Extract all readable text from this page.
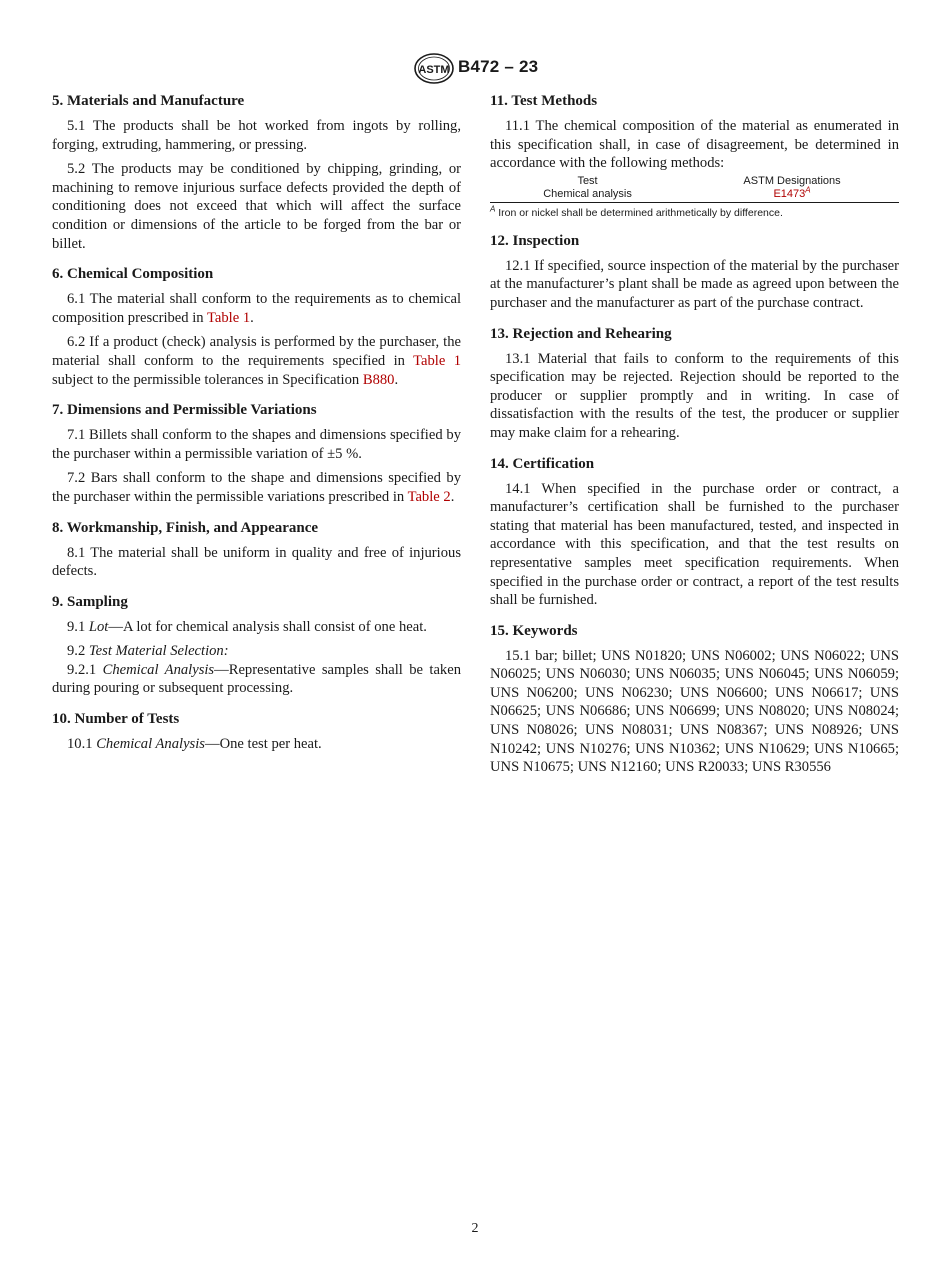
ASTM B472 – 23
5. Materials and Manufacture

5.1 The products shall be hot worked from ingots by rolling, forging, extruding, hammering, or pressing.

5.2 The products may be conditioned by chipping, grinding, or machining to remove injurious surface defects provided the depth of conditioning does not exceed that which will affect the surface condition or dimensions of the article to be forged from the bar or billet.

6. Chemical Composition

6.1 The material shall conform to the requirements as to chemical composition prescribed in Table 1.

6.2 If a product (check) analysis is performed by the purchaser, the material shall conform to the requirements specified in Table 1 subject to the permissible tolerances in Specification B880.

7. Dimensions and Permissible Variations

7.1 Billets shall conform to the shapes and dimensions specified by the purchaser within a permissible variation of ±5 %.

7.2 Bars shall conform to the shape and dimensions specified by the purchaser within the permissible variations prescribed in Table 2.

8. Workmanship, Finish, and Appearance

8.1 The material shall be uniform in quality and free of injurious defects.

9. Sampling

9.1 Lot—A lot for chemical analysis shall consist of one heat.

9.2 Test Material Selection:

9.2.1 Chemical Analysis—Representative samples shall be taken during pouring or subsequent processing.

10. Number of Tests

10.1 Chemical Analysis—One test per heat.

11. Test Methods

11.1 The chemical composition of the material as enumerated in this specification shall, in case of disagreement, be determined in accordance with the following methods:

Test	ASTM Designations
Chemical analysis	$E1473^A$
$^A$ Iron or nickel shall be determined arithmetically by difference.
12. Inspection

12.1 If specified, source inspection of the material by the purchaser at the manufacturer’s plant shall be made as agreed upon between the purchaser and the manufacturer as part of the purchase contract.

13. Rejection and Rehearing

13.1 Material that fails to conform to the requirements of this specification may be rejected. Rejection should be reported to the producer or supplier promptly and in writing. In case of dissatisfaction with the results of the test, the producer or supplier may make claim for a rehearing.

14. Certification

14.1 When specified in the purchase order or contract, a manufacturer’s certification shall be furnished to the purchaser stating that material has been manufactured, tested, and inspected in accordance with this specification, and that the test results on representative samples meet specification requirements. When specified in the purchase order or contract, a report of the test results shall be furnished.

15. Keywords

15.1 bar; billet; UNS N01820; UNS N06002; UNS N06022; UNS N06025; UNS N06030; UNS N06035; UNS N06045; UNS N06059; UNS N06200; UNS N06230; UNS N06600; UNS N06617; UNS N06625; UNS N06686; UNS N06699; UNS N08020; UNS N08024; UNS N08026; UNS N08031; UNS N08367; UNS N08926; UNS N10242; UNS N10276; UNS N10362; UNS N10629; UNS N10665; UNS N10675; UNS N12160; UNS R20033; UNS R30556

2
